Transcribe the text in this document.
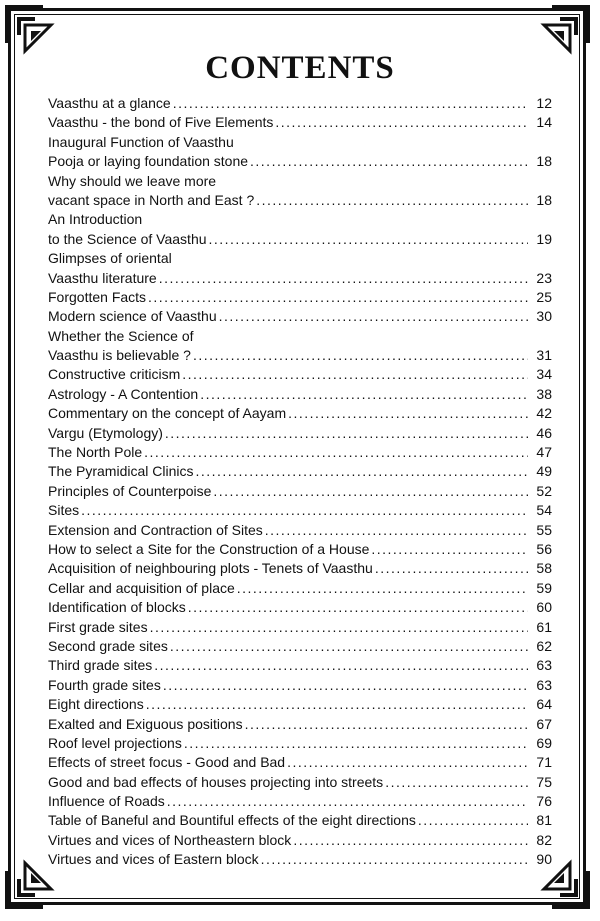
CONTENTS
Vaasthu at a glance . . .	12
Vaasthu - the bond of Five Elements . . .	14
Inaugural Function of Vaasthu
Pooja or laying foundation stone . . .	18
Why should we leave more
vacant space in North and East ? . . .	18
An Introduction
to the Science of Vaasthu . . .	19
Glimpses of oriental
Vaasthu literature . . .	23
Forgotten Facts . . .	25
Modern science of Vaasthu . . .	30
Whether the Science of
Vaasthu is believable ? . . .	31
Constructive criticism . . .	34
Astrology - A Contention . . .	38
Commentary on the concept of Aayam . . .	42
Vargu (Etymology) . . .	46
The North Pole . . .	47
The Pyramidical Clinics . . .	49
Principles of Counterpoise . . .	52
Sites . . .	54
Extension and Contraction of Sites . . .	55
How to select a Site for the Construction of a House . . .	56
Acquisition of neighbouring plots - Tenets of Vaasthu . . .	58
Cellar and acquisition of place . . .	59
Identification of blocks . . .	60
First grade sites . . .	61
Second grade sites . . .	62
Third grade sites . . .	63
Fourth grade sites . . .	63
Eight directions . . .	64
Exalted and Exiguous positions . . .	67
Roof level projections . . .	69
Effects of street focus - Good and Bad . . .	71
Good and bad effects of houses projecting into streets . . .	75
Influence of Roads . . .	76
Table of Baneful and Bountiful effects of the eight directions . . .	81
Virtues and vices of Northeastern block . . .	82
Virtues and vices of Eastern block . . .	90
